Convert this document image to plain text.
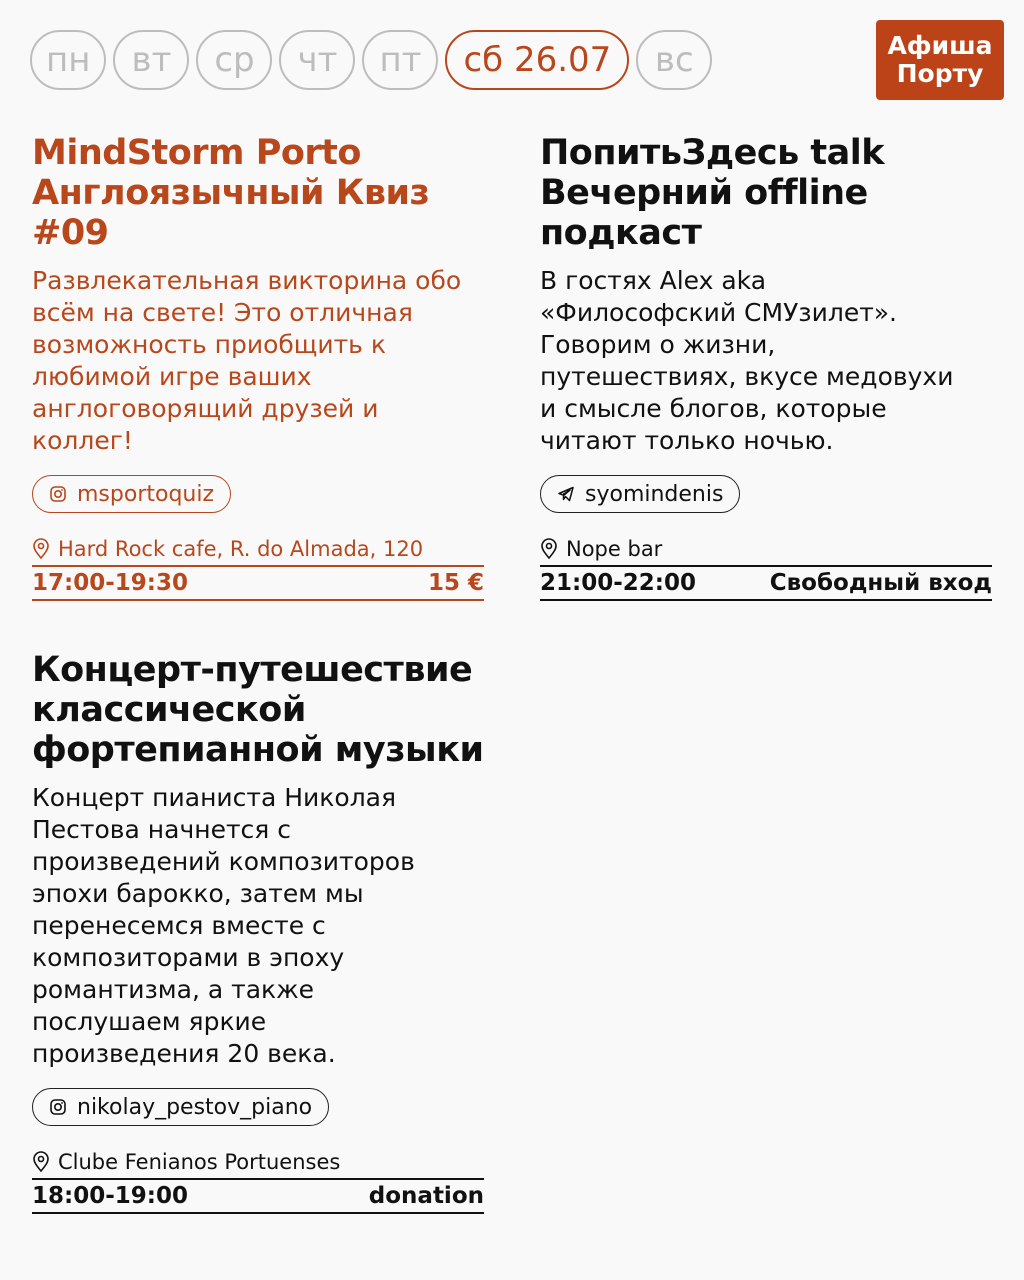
пн	вт	ср	чт	пт	сб 26.07	вс	Афиша
Порту
MindStorm Porto
Англоязычный Квиз
#09
Развлекательная викторина обо
всём на свете! Это отличная
возможность приобщить к
любимой игре ваших
англоговорящий друзей и
коллег!
msportoquiz
Hard Rock cafe, R. do Almada, 120
17:00-19:30	15 €
ПопитьЗдесь talk
Вечерний offline
подкаст
В гостях Alex aka
«Философский СМУзилет».
Говорим о жизни,
путешествиях, вкусе медовухи
и смысле блогов, которые
читают только ночью.
syomindenis
Nope bar
21:00-22:00	Свободный вход
Концерт-путешествие
классической
фортепианной музыки
Концерт пианиста Николая
Пестова начнется с
произведений композиторов
эпохи барокко, затем мы
перенесемся вместе с
композиторами в эпоху
романтизма, а также
послушаем яркие
произведения 20 века.
nikolay_pestov_piano
Clube Fenianos Portuenses
18:00-19:00	donation
